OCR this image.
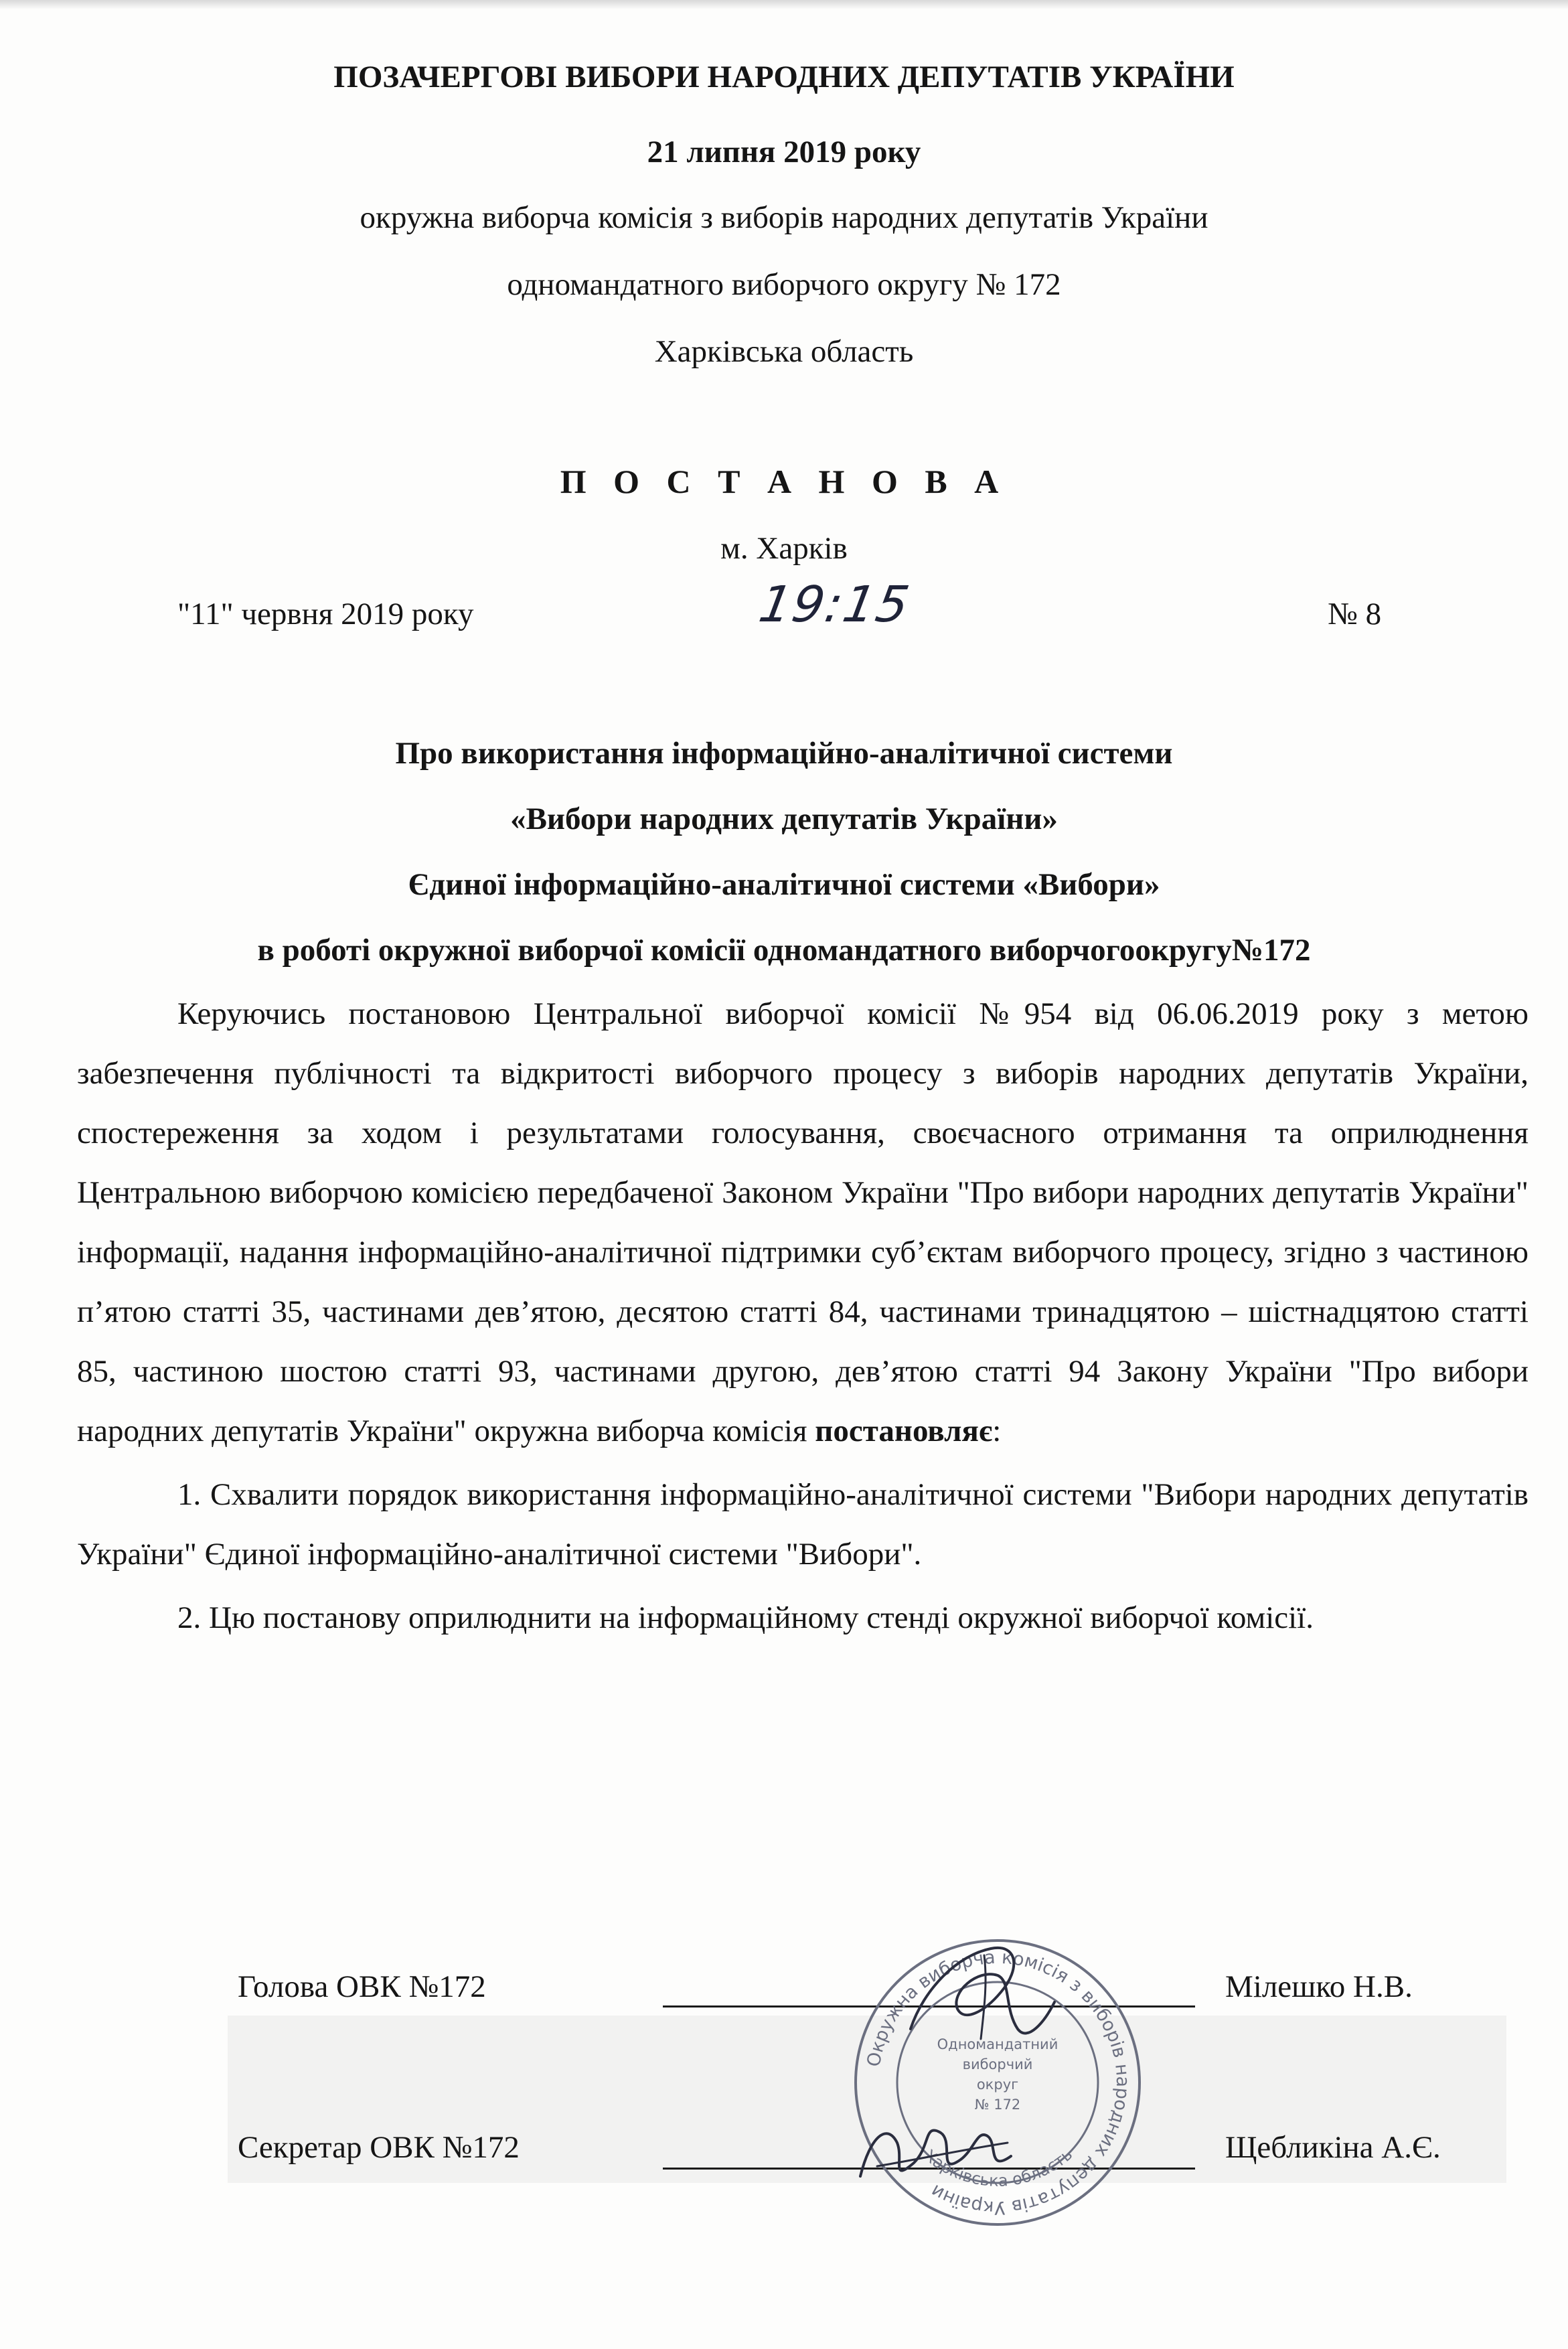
ПОЗАЧЕРГОВІ ВИБОРИ НАРОДНИХ ДЕПУТАТІВ УКРАЇНИ
21 липня 2019 року
окружна виборча комісія з виборів народних депутатів України
одномандатного виборчого округу № 172
Харківська область
П О С Т А Н О В А
м. Харків
"11" червня 2019 року	19:15	№ 8
Про використання інформаційно-аналітичної системи
«Вибори народних депутатів України»
Єдиної інформаційно-аналітичної системи «Вибори»
в роботі окружної виборчої комісії одномандатного виборчогоокругу№172

Керуючись постановою Центральної виборчої комісії №954 від 06.06.2019 року з метою забезпечення публічності та відкритості виборчого процесу з виборів народних депутатів України, спостереження за ходом і результатами голосування, своєчасного отримання та оприлюднення Центральною виборчою комісією передбаченої Законом України "Про вибори народних депутатів України" інформації, надання інформаційно-аналітичної підтримки суб’єктам виборчого процесу, згідно з частиною п’ятою статті 35, частинами дев’ятою, десятою статті 84, частинами тринадцятою – шістнадцятою статті 85, частиною шостою статті 93, частинами другою, дев’ятою статті 94 Закону України "Про вибори народних депутатів України" окружна виборча комісія постановляє:

1. Схвалити порядок використання інформаційно-аналітичної системи "Вибори народних депутатів України" Єдиної інформаційно-аналітичної системи "Вибори".

2. Цю постанову оприлюднити на інформаційному стенді окружної виборчої комісії.

Голова ОВК №172	Мілешко Н.В.
Секретар ОВК №172	Щебликіна А.Є.
Окружна виборча комісія з виборів народних депутатів України
Одномандатний
виборчий
округ
№ 172
Харківська область
